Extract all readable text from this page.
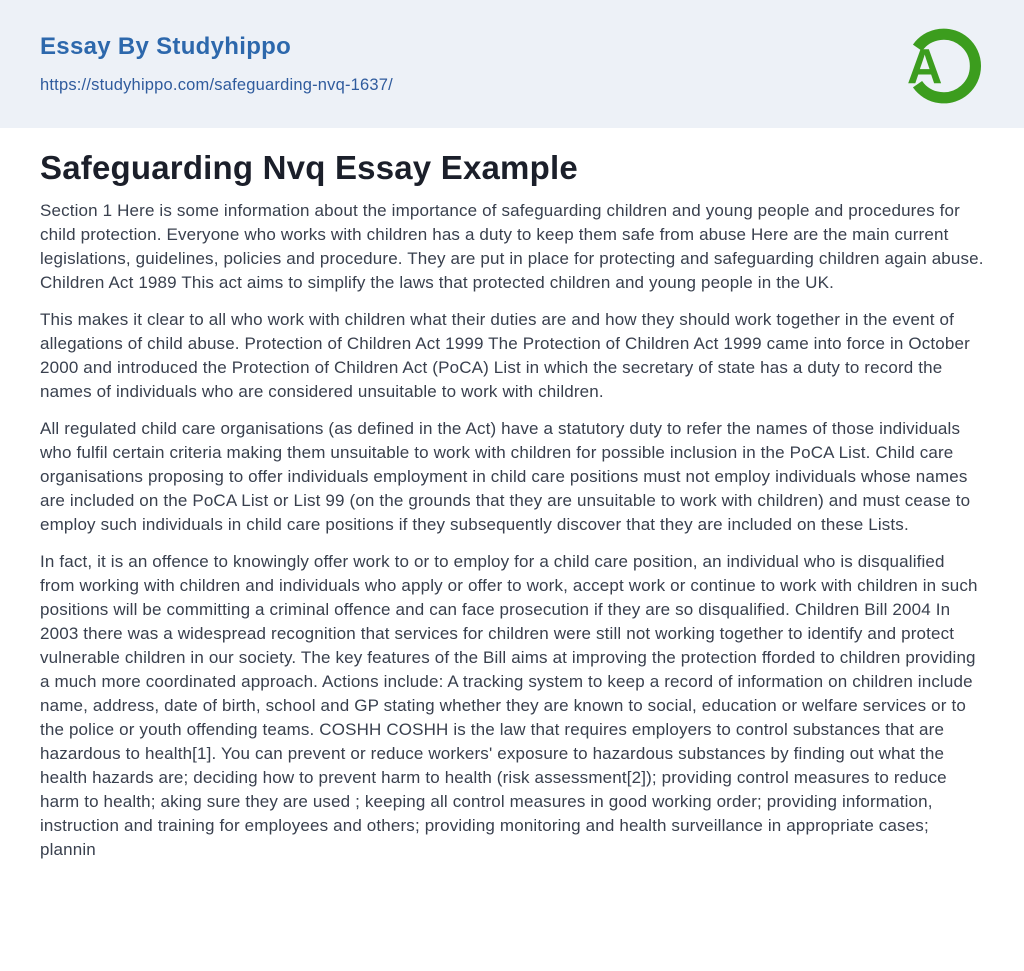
Essay By Studyhippo
https://studyhippo.com/safeguarding-nvq-1637/	A
Safeguarding Nvq Essay Example

Section 1 Here is some information about the importance of safeguarding children and young people and procedures for child protection. Everyone who works with children has a duty to keep them safe from abuse Here are the main current legislations, guidelines, policies and procedure. They are put in place for protecting and safeguarding children again abuse. Children Act 1989 This act aims to simplify the laws that protected children and young people in the UK.

This makes it clear to all who work with children what their duties are and how they should work together in the event of allegations of child abuse. Protection of Children Act 1999 The Protection of Children Act 1999 came into force in October 2000 and introduced the Protection of Children Act (PoCA) List in which the secretary of state has a duty to record the names of individuals who are considered unsuitable to work with children.

All regulated child care organisations (as defined in the Act) have a statutory duty to refer the names of those individuals who fulfil certain criteria making them unsuitable to work with children for possible inclusion in the PoCA List. Child care organisations proposing to offer individuals employment in child care positions must not employ individuals whose names are included on the PoCA List or List 99 (on the grounds that they are unsuitable to work with children) and must cease to employ such individuals in child care positions if they subsequently discover that they are included on these Lists.

In fact, it is an offence to knowingly offer work to or to employ for a child care position, an individual who is disqualified from working with children and individuals who apply or offer to work, accept work or continue to work with children in such positions will be committing a criminal offence and can face prosecution if they are so disqualified. Children Bill 2004 In 2003 there was a widespread recognition that services for children were still not working together to identify and protect vulnerable children in our society. The key features of the Bill aims at improving the protection fforded to children providing a much more coordinated approach. Actions include: A tracking system to keep a record of information on children include name, address, date of birth, school and GP stating whether they are known to social, education or welfare services or to the police or youth offending teams. COSHH COSHH is the law that requires employers to control substances that are hazardous to health[1]. You can prevent or reduce workers' exposure to hazardous substances by finding out what the health hazards are; deciding how to prevent harm to health (risk assessment[2]); providing control measures to reduce harm to health; aking sure they are used ; keeping all control measures in good working order; providing information, instruction and training for employees and others; providing monitoring and health surveillance in appropriate cases; plannin
